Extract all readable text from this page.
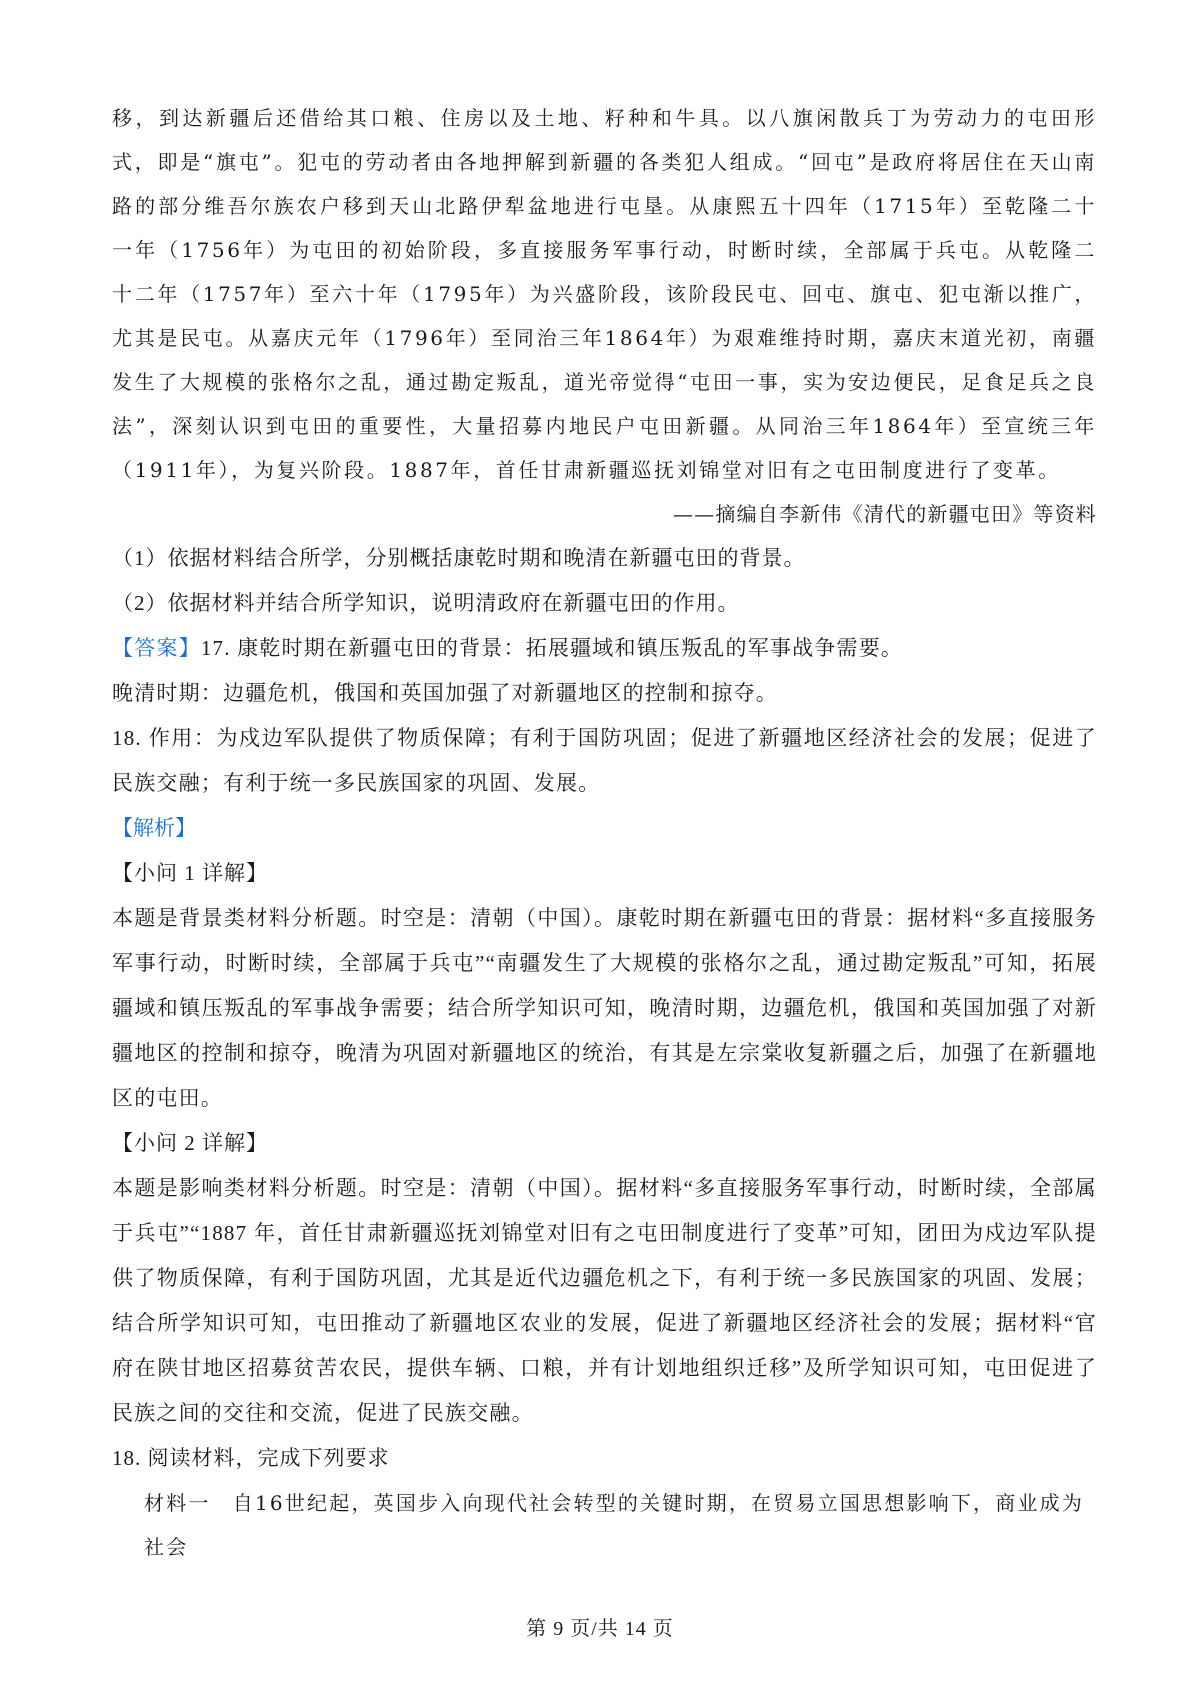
移，到达新疆后还借给其口粮、住房以及土地、籽种和牛具。以八旗闲散兵丁为劳动力的屯田形式，即是“旗屯”。犯屯的劳动者由各地押解到新疆的各类犯人组成。“回屯”是政府将居住在天山南路的部分维吾尔族农户移到天山北路伊犁盆地进行屯垦。从康熙五十四年（1715年）至乾隆二十一年（1756年）为屯田的初始阶段，多直接服务军事行动，时断时续，全部属于兵屯。从乾隆二十二年（1757年）至六十年（1795年）为兴盛阶段，该阶段民屯、回屯、旗屯、犯屯渐以推广，尤其是民屯。从嘉庆元年（1796年）至同治三年1864年）为艰难维持时期，嘉庆末道光初，南疆发生了大规模的张格尔之乱，通过勘定叛乱，道光帝觉得“屯田一事，实为安边便民，足食足兵之良法”，深刻认识到屯田的重要性，大量招募内地民户屯田新疆。从同治三年1864年）至宣统三年（1911年），为复兴阶段。1887年，首任甘肃新疆巡抚刘锦堂对旧有之屯田制度进行了变革。

——摘编自李新伟《清代的新疆屯田》等资料

（1）依据材料结合所学，分别概括康乾时期和晚清在新疆屯田的背景。

（2）依据材料并结合所学知识，说明清政府在新疆屯田的作用。

【答案】17. 康乾时期在新疆屯田的背景：拓展疆域和镇压叛乱的军事战争需要。

晚清时期：边疆危机，俄国和英国加强了对新疆地区的控制和掠夺。

18. 作用：为戍边军队提供了物质保障；有利于国防巩固；促进了新疆地区经济社会的发展；促进了民族交融；有利于统一多民族国家的巩固、发展。

【解析】

【小问 1 详解】

本题是背景类材料分析题。时空是：清朝（中国）。康乾时期在新疆屯田的背景：据材料“多直接服务军事行动，时断时续，全部属于兵屯”“南疆发生了大规模的张格尔之乱，通过勘定叛乱”可知，拓展疆域和镇压叛乱的军事战争需要；结合所学知识可知，晚清时期，边疆危机，俄国和英国加强了对新疆地区的控制和掠夺，晚清为巩固对新疆地区的统治，有其是左宗棠收复新疆之后，加强了在新疆地区的屯田。

【小问 2 详解】

本题是影响类材料分析题。时空是：清朝（中国）。据材料“多直接服务军事行动，时断时续，全部属于兵屯”“1887 年，首任甘肃新疆巡抚刘锦堂对旧有之屯田制度进行了变革”可知，团田为戍边军队提供了物质保障，有利于国防巩固，尤其是近代边疆危机之下，有利于统一多民族国家的巩固、发展；结合所学知识可知，屯田推动了新疆地区农业的发展，促进了新疆地区经济社会的发展；据材料“官府在陕甘地区招募贫苦农民，提供车辆、口粮，并有计划地组织迁移”及所学知识可知，屯田促进了民族之间的交往和交流，促进了民族交融。

18. 阅读材料，完成下列要求

材料一　自16世纪起，英国步入向现代社会转型的关键时期，在贸易立国思想影响下，商业成为社会

第 9 页/共 14 页
